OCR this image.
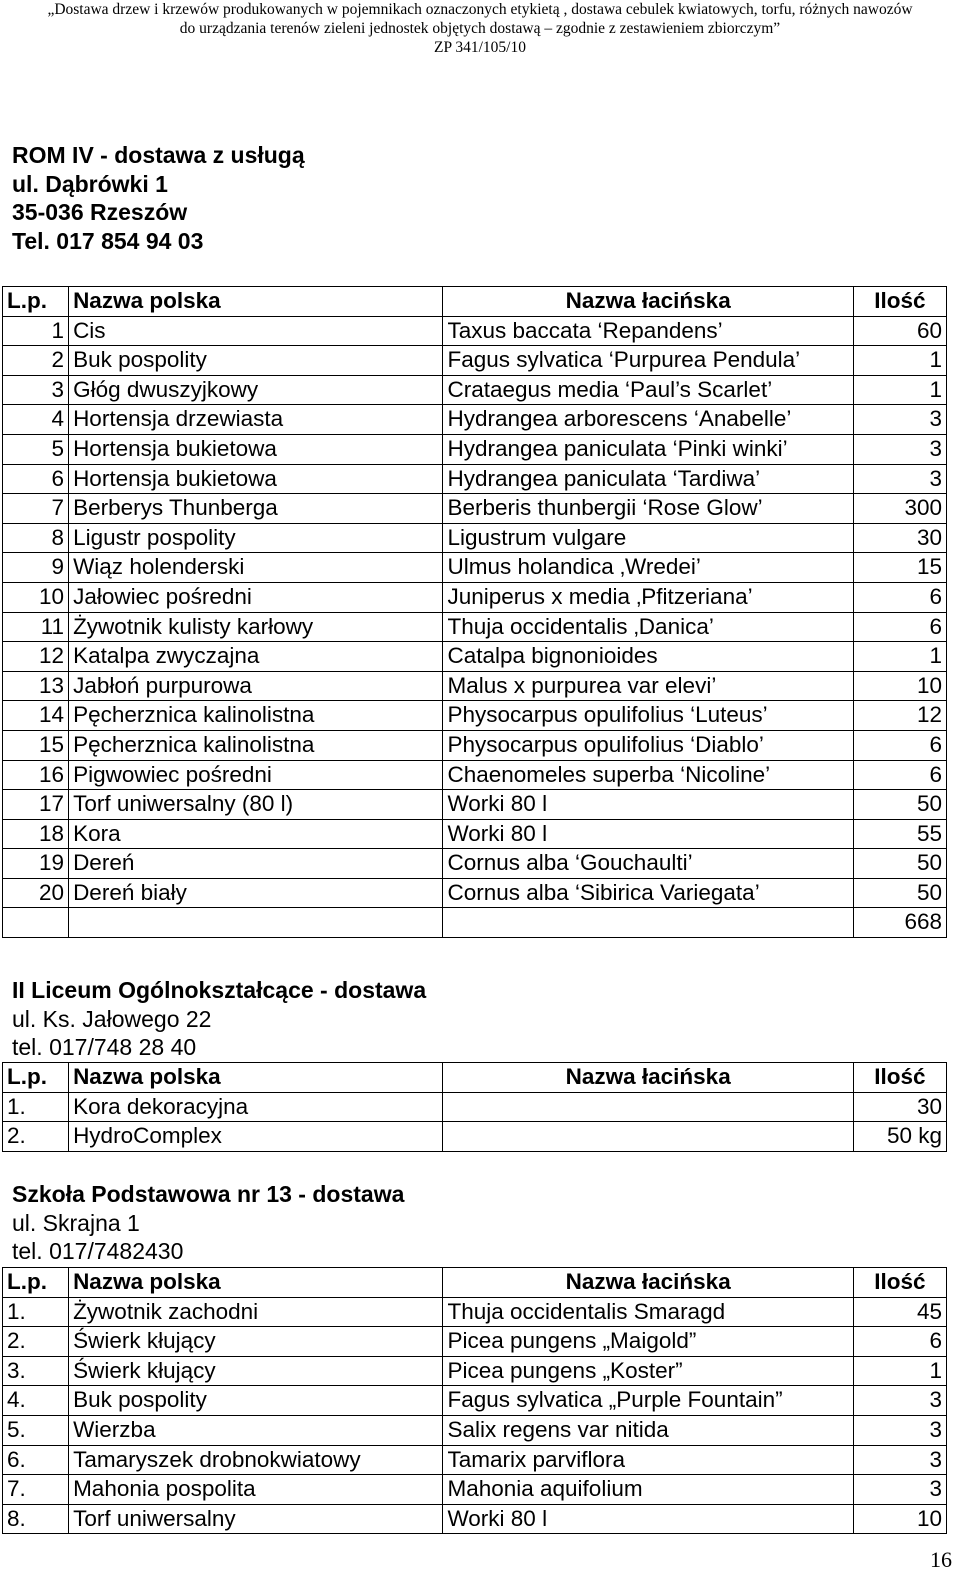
„Dostawa drzew i krzewów produkowanych w pojemnikach oznaczonych etykietą , dostawa cebulek kwiatowych, torfu, różnych nawozów
do urządzania terenów zieleni jednostek objętych dostawą – zgodnie z zestawieniem zbiorczym”
ZP 341/105/10
ROM IV - dostawa z usługą
ul. Dąbrówki 1
35-036 Rzeszów
Tel. 017 854 94 03
L.p.	Nazwa polska	Nazwa łacińska	Ilość
1	Cis	Taxus baccata ‘Repandens’	60
2	Buk pospolity	Fagus sylvatica ‘Purpurea Pendula’	1
3	Głóg dwuszyjkowy	Crataegus media ‘Paul’s Scarlet’	1
4	Hortensja drzewiasta	Hydrangea arborescens ‘Anabelle’	3
5	Hortensja bukietowa	Hydrangea paniculata ‘Pinki winki’	3
6	Hortensja bukietowa	Hydrangea paniculata ‘Tardiwa’	3
7	Berberys Thunberga	Berberis thunbergii ‘Rose Glow’	300
8	Ligustr pospolity	Ligustrum vulgare	30
9	Wiąz holenderski	Ulmus holandica ‚Wredei’	15
10	Jałowiec pośredni	Juniperus x media ‚Pfitzeriana’	6
11	Żywotnik kulisty karłowy	Thuja occidentalis ‚Danica’	6
12	Katalpa zwyczajna	Catalpa bignonioides	1
13	Jabłoń purpurowa	Malus x purpurea var elevi’	10
14	Pęcherznica kalinolistna	Physocarpus opulifolius ‘Luteus’	12
15	Pęcherznica kalinolistna	Physocarpus opulifolius ‘Diablo’	6
16	Pigwowiec pośredni	Chaenomeles superba ‘Nicoline’	6
17	Torf uniwersalny (80 l)	Worki 80 l	50
18	Kora	Worki 80 l	55
19	Dereń	Cornus alba ‘Gouchaulti’	50
20	Dereń biały	Cornus alba ‘Sibirica Variegata’	50
			668
II Liceum Ogólnokształcące - dostawa
ul. Ks. Jałowego 22
tel. 017/748 28 40
L.p.	Nazwa polska	Nazwa łacińska	Ilość
1.	Kora dekoracyjna		30
2.	HydroComplex		50 kg
Szkoła Podstawowa nr 13 - dostawa
ul. Skrajna 1
tel. 017/7482430
L.p.	Nazwa polska	Nazwa łacińska	Ilość
1.	Żywotnik zachodni	Thuja occidentalis Smaragd	45
2.	Świerk kłujący	Picea pungens „Maigold”	6
3.	Świerk kłujący	Picea pungens „Koster”	1
4.	Buk pospolity	Fagus sylvatica „Purple Fountain”	3
5.	Wierzba	Salix regens var nitida	3
6.	Tamaryszek drobnokwiatowy	Tamarix parviflora	3
7.	Mahonia pospolita	Mahonia aquifolium	3
8.	Torf uniwersalny	Worki 80 l	10
16
